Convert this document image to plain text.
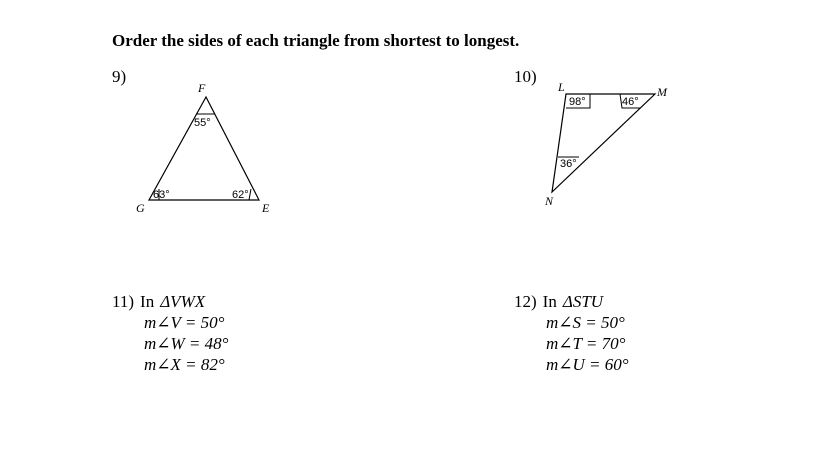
Order the sides of each triangle from shortest to longest.
9)	10)
F
G	E
55°
63°	62°
L	M
N
98°	46°
36°
11) In ΔVWX
m∠V = 50°
m∠W = 48°
m∠X = 82°
12) In ΔSTU
m∠S = 50°
m∠T = 70°
m∠U = 60°
